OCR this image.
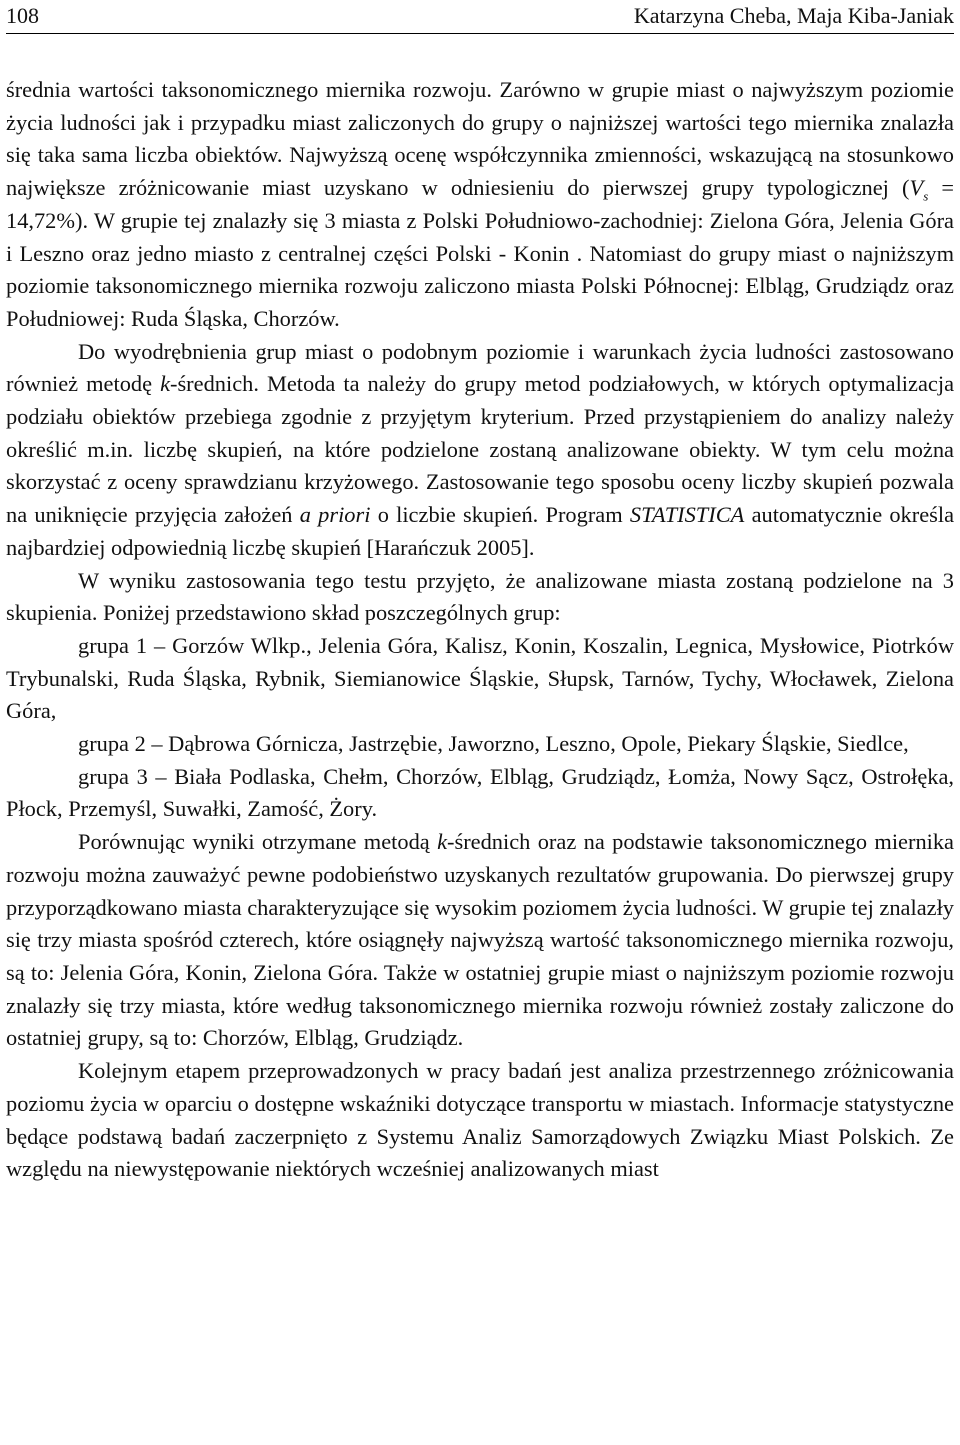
108	Katarzyna Cheba, Maja Kiba-Janiak

średnia wartości taksonomicznego miernika rozwoju. Zarówno w grupie miast o najwyższym poziomie życia ludności jak i przypadku miast zaliczonych do grupy o najniższej wartości tego miernika znalazła się taka sama liczba obiektów. Najwyższą ocenę współczynnika zmienności, wskazującą na stosunkowo największe zróżnicowanie miast uzyskano w odniesieniu do pierwszej grupy typologicznej $(V_s = 14,72\%)$. W grupie tej znalazły się 3 miasta z Polski Południowo-zachodniej: Zielona Góra, Jelenia Góra i Leszno oraz jedno miasto z centralnej części Polski - Konin . Natomiast do grupy miast o najniższym poziomie taksonomicznego miernika rozwoju zaliczono miasta Polski Północnej: Elbląg, Grudziądz oraz Południowej: Ruda Śląska, Chorzów.

Do wyodrębnienia grup miast o podobnym poziomie i warunkach życia ludności zastosowano również metodę k-średnich. Metoda ta należy do grupy metod podziałowych, w których optymalizacja podziału obiektów przebiega zgodnie z przyjętym kryterium. Przed przystąpieniem do analizy należy określić m.in. liczbę skupień, na które podzielone zostaną analizowane obiekty. W tym celu można skorzystać z oceny sprawdzianu krzyżowego. Zastosowanie tego sposobu oceny liczby skupień pozwala na uniknięcie przyjęcia założeń a priori o liczbie skupień. Program STATISTICA automatycznie określa najbardziej odpowiednią liczbę skupień [Harańczuk 2005].

W wyniku zastosowania tego testu przyjęto, że analizowane miasta zostaną podzielone na 3 skupienia. Poniżej przedstawiono skład poszczególnych grup:

grupa 1 – Gorzów Wlkp., Jelenia Góra, Kalisz, Konin, Koszalin, Legnica, Mysłowice, Piotrków Trybunalski, Ruda Śląska, Rybnik, Siemianowice Śląskie, Słupsk, Tarnów, Tychy, Włocławek, Zielona Góra,

grupa 2 – Dąbrowa Górnicza, Jastrzębie, Jaworzno, Leszno, Opole, Piekary Śląskie, Siedlce,

grupa 3 – Biała Podlaska, Chełm, Chorzów, Elbląg, Grudziądz, Łomża, Nowy Sącz, Ostrołęka, Płock, Przemyśl, Suwałki, Zamość, Żory.

Porównując wyniki otrzymane metodą k-średnich oraz na podstawie taksonomicznego miernika rozwoju można zauważyć pewne podobieństwo uzyskanych rezultatów grupowania. Do pierwszej grupy przyporządkowano miasta charakteryzujące się wysokim poziomem życia ludności. W grupie tej znalazły się trzy miasta spośród czterech, które osiągnęły najwyższą wartość taksonomicznego miernika rozwoju, są to: Jelenia Góra, Konin, Zielona Góra. Także w ostatniej grupie miast o najniższym poziomie rozwoju znalazły się trzy miasta, które według taksonomicznego miernika rozwoju również zostały zaliczone do ostatniej grupy, są to: Chorzów, Elbląg, Grudziądz.

Kolejnym etapem przeprowadzonych w pracy badań jest analiza przestrzennego zróżnicowania poziomu życia w oparciu o dostępne wskaźniki dotyczące transportu w miastach. Informacje statystyczne będące podstawą badań zaczerpnięto z Systemu Analiz Samorządowych Związku Miast Polskich. Ze względu na niewystępowanie niektórych wcześniej analizowanych miast
